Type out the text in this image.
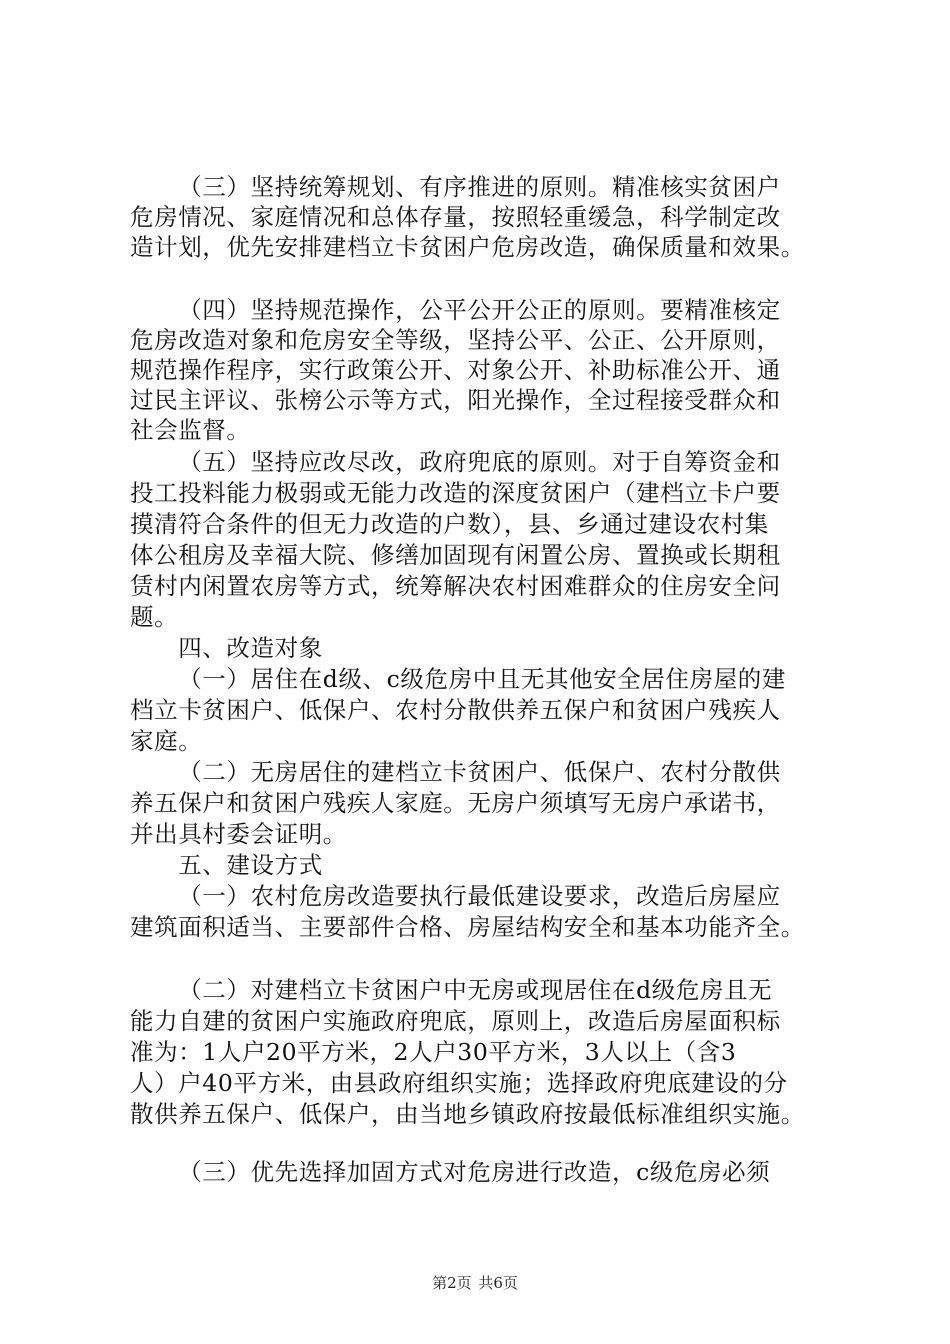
  （三）坚持统筹规划、有序推进的原则。精准核实贫困户
危房情况、家庭情况和总体存量，按照轻重缓急，科学制定改
造计划，优先安排建档立卡贫困户危房改造，确保质量和效果。
  （四）坚持规范操作，公平公开公正的原则。要精准核定
危房改造对象和危房安全等级，坚持公平、公正、公开原则，
规范操作程序，实行政策公开、对象公开、补助标准公开、通
过民主评议、张榜公示等方式，阳光操作，全过程接受群众和
社会监督。
  （五）坚持应改尽改，政府兜底的原则。对于自筹资金和
投工投料能力极弱或无能力改造的深度贫困户（建档立卡户要
摸清符合条件的但无力改造的户数），县、乡通过建设农村集
体公租房及幸福大院、修缮加固现有闲置公房、置换或长期租
赁村内闲置农房等方式，统筹解决农村困难群众的住房安全问
题。
  四、改造对象
  （一）居住在d级、c级危房中且无其他安全居住房屋的建
档立卡贫困户、低保户、农村分散供养五保户和贫困户残疾人
家庭。
  （二）无房居住的建档立卡贫困户、低保户、农村分散供
养五保户和贫困户残疾人家庭。无房户须填写无房户承诺书，
并出具村委会证明。
  五、建设方式
  （一）农村危房改造要执行最低建设要求，改造后房屋应
建筑面积适当、主要部件合格、房屋结构安全和基本功能齐全。
  （二）对建档立卡贫困户中无房或现居住在d级危房且无
能力自建的贫困户实施政府兜底，原则上，改造后房屋面积标
准为：1人户20平方米，2人户30平方米，3人以上（含3
人）户40平方米，由县政府组织实施；选择政府兜底建设的分
散供养五保户、低保户，由当地乡镇政府按最低标准组织实施。
  （三）优先选择加固方式对危房进行改造，c级危房必须
第2页 共6页
